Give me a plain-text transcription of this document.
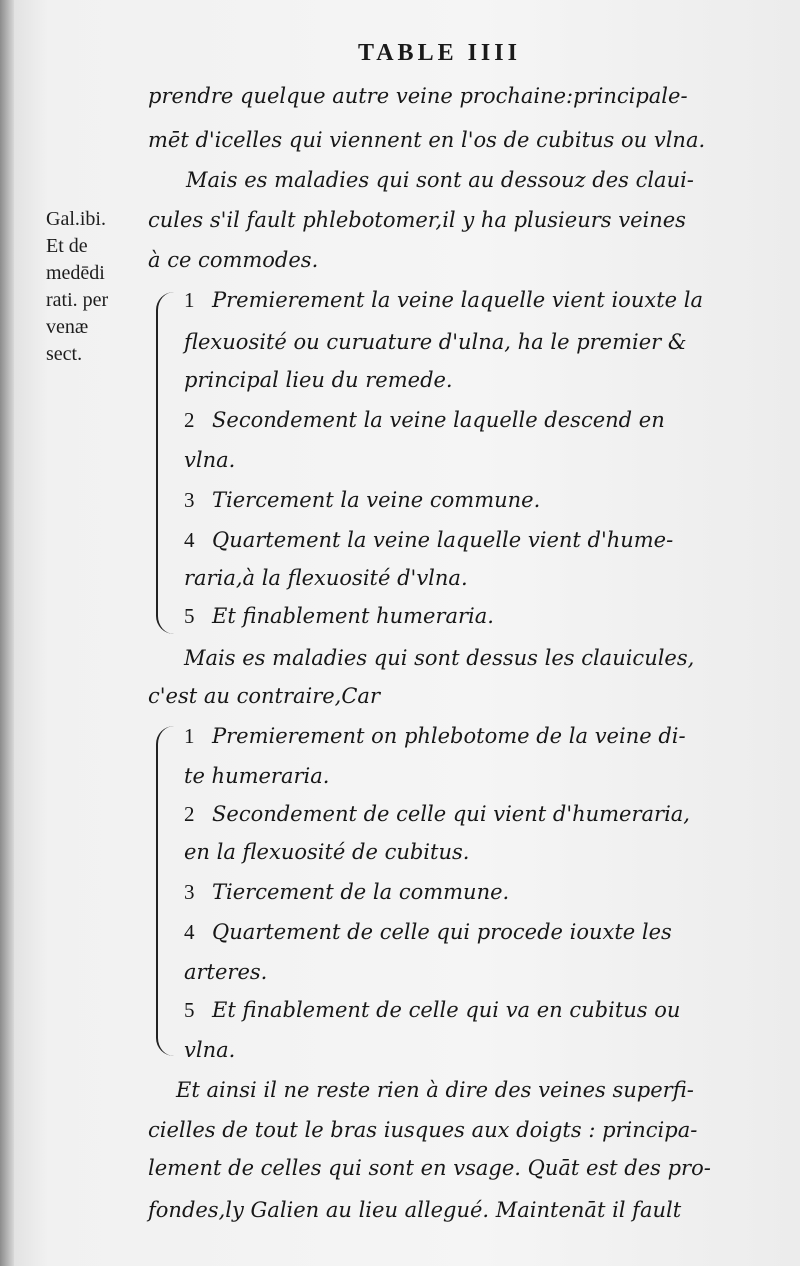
TABLE IIII
Gal.ibi.
Et de
medēdi
rati. per
venæ
sect.
prendre quelque autre veine prochaine:principale-
mēt d'icelles qui viennent en l'os de cubitus ou vlna.
Mais es maladies qui sont au dessouz des claui-
cules s'il fault phlebotomer,il y ha plusieurs veines
à ce commodes.
1 Premierement la veine laquelle vient iouxte la
flexuosité ou curuature d'ulna, ha le premier &
principal lieu du remede.
2 Secondement la veine laquelle descend en
vlna.
3 Tiercement la veine commune.
4 Quartement la veine laquelle vient d'hume-
raria,à la flexuosité d'vlna.
5 Et finablement humeraria.
Mais es maladies qui sont dessus les clauicules,
c'est au contraire,Car
1 Premierement on phlebotome de la veine di-
te humeraria.
2 Secondement de celle qui vient d'humeraria,
en la flexuosité de cubitus.
3 Tiercement de la commune.
4 Quartement de celle qui procede iouxte les
arteres.
5 Et finablement de celle qui va en cubitus ou
vlna.
Et ainsi il ne reste rien à dire des veines superfi-
cielles de tout le bras iusques aux doigts : principa-
lement de celles qui sont en vsage. Quāt est des pro-
fondes,ly Galien au lieu allegué. Maintenāt il fault
